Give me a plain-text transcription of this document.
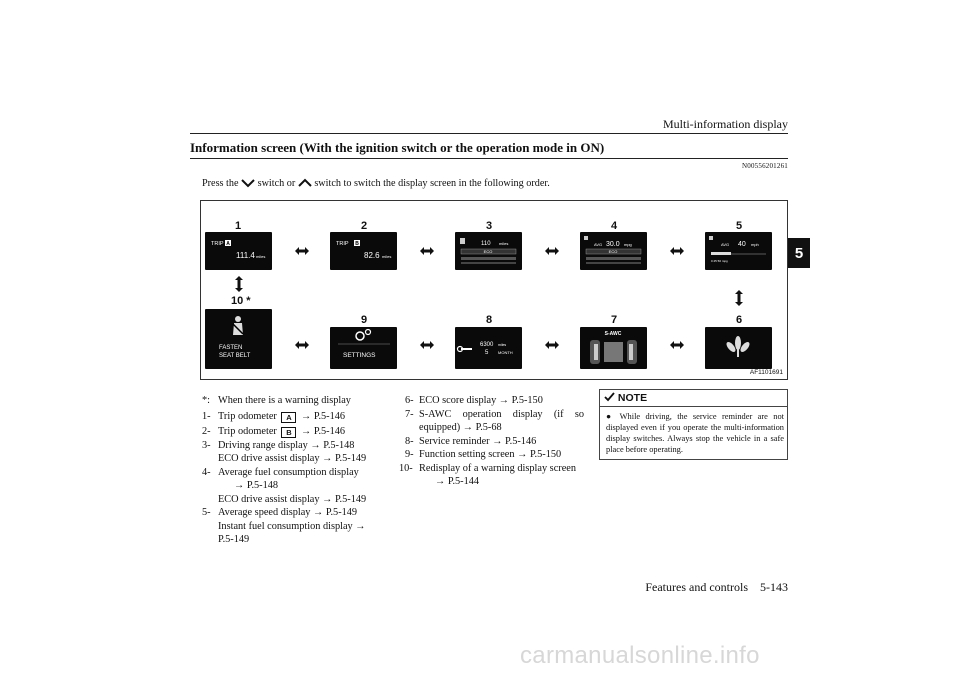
Multi-information display
5
Information screen (With the ignition switch or the operation mode in ON)
N00556201261
Press the switch or switch to switch the display screen in the following order.
1	2	3	4	5
10 *
9	8	7	6
TRIP A
111.4 miles
TRIP B
82.6 miles
110 miles
ECO
AVG 30.0 mpg
ECO
AVG 40 mph
0 25 50 mpg
FASTEN
SEAT BELT	SETTINGS
6300 miles
5 MONTH
S-AWC
AF1101691
*: When there is a warning display
1- Trip odometer A → P.5-146
2- Trip odometer B → P.5-146
3- Driving range display → P.5-148
ECO drive assist display → P.5-149
4- Average fuel consumption display
→ P.5-148
ECO drive assist display → P.5-149
5- Average speed display → P.5-149
Instant fuel consumption display →
P.5-149
6- ECO score display → P.5-150
7- S-AWC operation display (if so
equipped) → P.5-68
8- Service reminder → P.5-146
9- Function setting screen → P.5-150
10- Redisplay of a warning display screen
→ P.5-144
NOTE
● While driving, the service reminder are not displayed even if you operate the multi-information display switches. Always stop the vehicle in a safe place before operating.
Features and controls    5-143
carmanualsonline.info
